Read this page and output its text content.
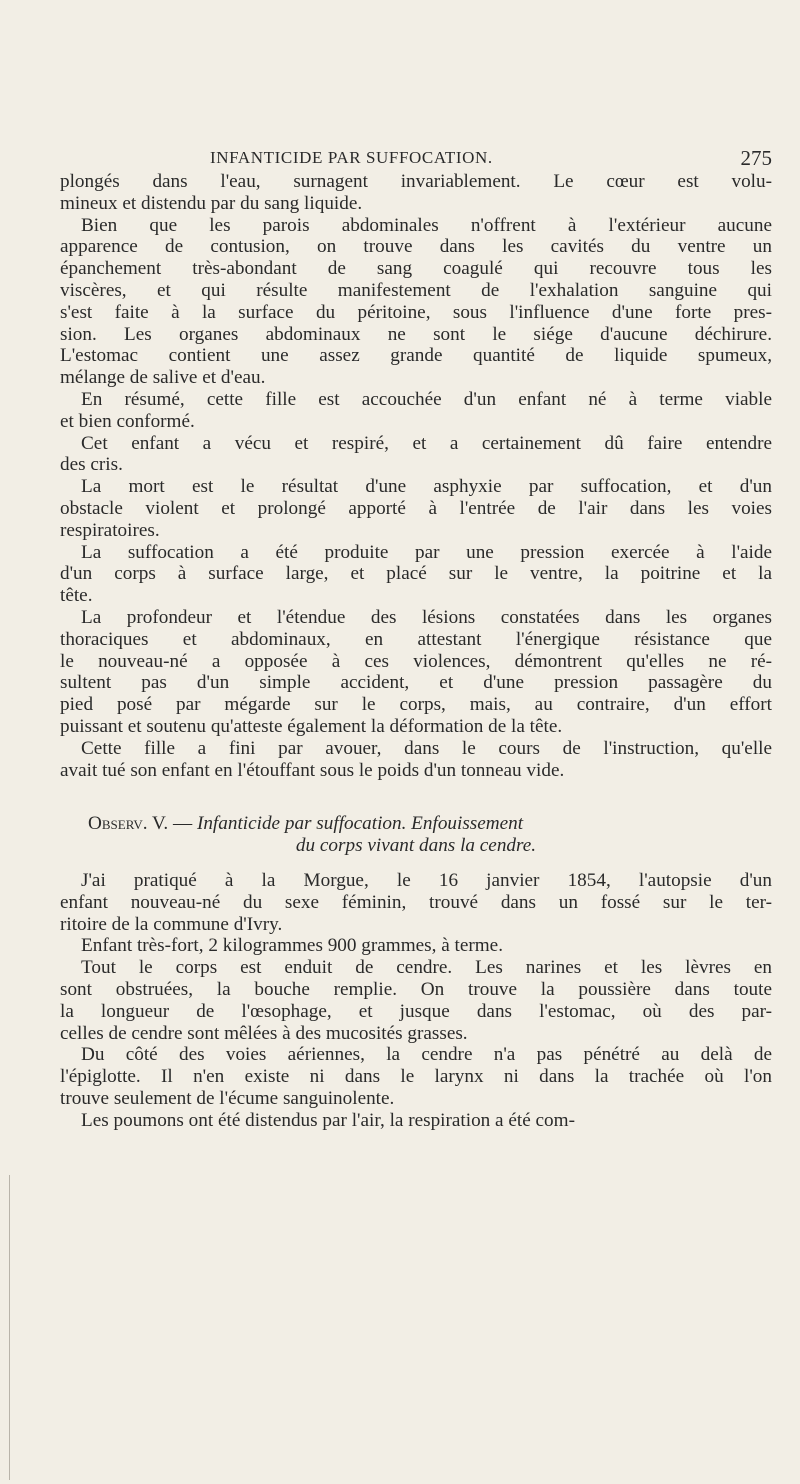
INFANTICIDE PAR SUFFOCATION.	275
plongés dans l'eau, surnagent invariablement. Le cœur est volu-
mineux et distendu par du sang liquide.
Bien que les parois abdominales n'offrent à l'extérieur aucune
apparence de contusion, on trouve dans les cavités du ventre un
épanchement très-abondant de sang coagulé qui recouvre tous les
viscères, et qui résulte manifestement de l'exhalation sanguine qui
s'est faite à la surface du péritoine, sous l'influence d'une forte pres-
sion. Les organes abdominaux ne sont le siége d'aucune déchirure.
L'estomac contient une assez grande quantité de liquide spumeux,
mélange de salive et d'eau.
En résumé, cette fille est accouchée d'un enfant né à terme viable
et bien conformé.
Cet enfant a vécu et respiré, et a certainement dû faire entendre
des cris.
La mort est le résultat d'une asphyxie par suffocation, et d'un
obstacle violent et prolongé apporté à l'entrée de l'air dans les voies
respiratoires.
La suffocation a été produite par une pression exercée à l'aide
d'un corps à surface large, et placé sur le ventre, la poitrine et la
tête.
La profondeur et l'étendue des lésions constatées dans les organes
thoraciques et abdominaux, en attestant l'énergique résistance que
le nouveau-né a opposée à ces violences, démontrent qu'elles ne ré-
sultent pas d'un simple accident, et d'une pression passagère du
pied posé par mégarde sur le corps, mais, au contraire, d'un effort
puissant et soutenu qu'atteste également la déformation de la tête.
Cette fille a fini par avouer, dans le cours de l'instruction, qu'elle
avait tué son enfant en l'étouffant sous le poids d'un tonneau vide.
Observ. V. — Infanticide par suffocation. Enfouissement
du corps vivant dans la cendre.
J'ai pratiqué à la Morgue, le 16 janvier 1854, l'autopsie d'un
enfant nouveau-né du sexe féminin, trouvé dans un fossé sur le ter-
ritoire de la commune d'Ivry.
Enfant très-fort, 2 kilogrammes 900 grammes, à terme.
Tout le corps est enduit de cendre. Les narines et les lèvres en
sont obstruées, la bouche remplie. On trouve la poussière dans toute
la longueur de l'œsophage, et jusque dans l'estomac, où des par-
celles de cendre sont mêlées à des mucosités grasses.
Du côté des voies aériennes, la cendre n'a pas pénétré au delà de
l'épiglotte. Il n'en existe ni dans le larynx ni dans la trachée où l'on
trouve seulement de l'écume sanguinolente.
Les poumons ont été distendus par l'air, la respiration a été com-
